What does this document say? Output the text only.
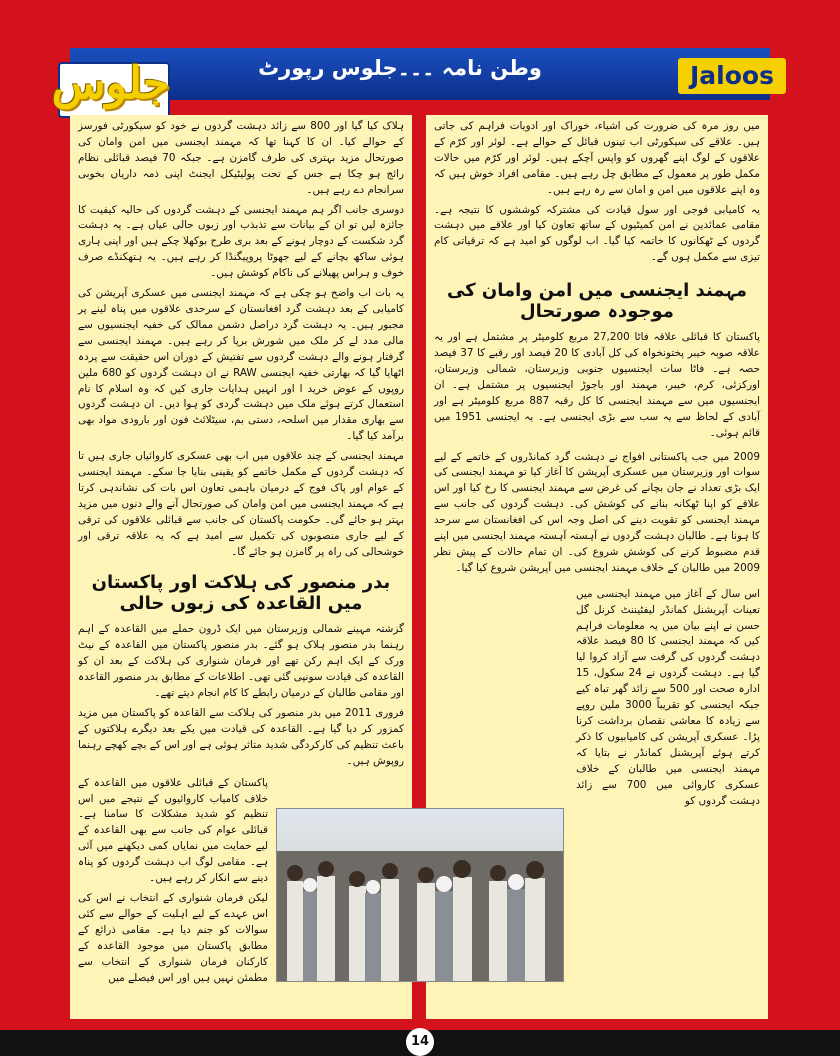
جلوس	وطن نامہ ۔۔۔جلوس رپورٹ	Jaloos

میں روز مرہ کی ضرورت کی اشیاء، خوراک اور ادویات فراہم کی جاتی ہیں۔ علاقے کی سیکورٹی اب تینوں قبائل کے حوالے ہے۔ لوئر اور کرّم کے علاقوں کے لوگ اپنے گھروں کو واپس آچکے ہیں۔ لوئر اور کرّم میں حالات مکمل طور پر معمول کے مطابق چل رہے ہیں۔ مقامی افراد خوش ہیں کہ وہ اپنے علاقوں میں امن و امان سے رہ رہے ہیں۔

یہ کامیابی فوجی اور سول قیادت کی مشترکہ کوششوں کا نتیجہ ہے۔ مقامی عمائدین نے امن کمیٹیوں کے ساتھ تعاون کیا اور علاقے میں دہشت گردوں کے ٹھکانوں کا خاتمہ کیا گیا۔ اب لوگوں کو امید ہے کہ ترقیاتی کام تیزی سے مکمل ہوں گے۔

مہمند ایجنسی میں امن وامان کی موجودہ صورتحال

پاکستان کا قبائلی علاقہ فاٹا 27,200 مربع کلومیٹر پر مشتمل ہے اور یہ علاقہ صوبہ خیبر پختونخواہ کی کل آبادی کا 20 فیصد اور رقبے کا 37 فیصد حصہ ہے۔ فاٹا سات ایجنسیوں جنوبی وزیرستان، شمالی وزیرستان، اورکزئی، کرم، خیبر، مہمند اور باجوڑ ایجنسیوں پر مشتمل ہے۔ ان ایجنسیوں میں سے مہمند ایجنسی کا کل رقبہ 887 مربع کلومیٹر ہے اور آبادی کے لحاظ سے یہ سب سے بڑی ایجنسی ہے۔ یہ ایجنسی 1951 میں قائم ہوئی۔

2009 میں جب پاکستانی افواج نے دہشت گرد کمانڈروں کے خاتمے کے لیے سوات اور وزیرستان میں عسکری آپریشن کا آغاز کیا تو مہمند ایجنسی کی ایک بڑی تعداد نے جان بچانے کی غرض سے مہمند ایجنسی کا رخ کیا اور اس علاقے کو اپنا ٹھکانہ بنانے کی کوشش کی۔ دہشت گردوں کی جانب سے مہمند ایجنسی کو تقویت دینے کی اصل وجہ اس کی افغانستان سے سرحد کا ہونا ہے۔ طالبان دہشت گردوں نے آہستہ آہستہ مہمند ایجنسی میں اپنے قدم مضبوط کرنے کی کوشش شروع کی۔ ان تمام حالات کے پیش نظر 2009 میں طالبان کے خلاف مہمند ایجنسی میں آپریشن شروع کیا گیا۔

اس سال کے آغاز میں مہمند ایجنسی میں تعینات آپریشنل کمانڈر لیفٹیننٹ کرنل گل حسن نے اپنے بیان میں یہ معلومات فراہم کیں کہ مہمند ایجنسی کا 80 فیصد علاقہ دہشت گردوں کی گرفت سے آزاد کروا لیا گیا ہے۔ دہشت گردوں نے 24 سکول، 15 ادارہ صحت اور 500 سے زائد گھر تباہ کیے جبکہ ایجنسی کو تقریباً 3000 ملین روپے سے زیادہ کا معاشی نقصان برداشت کرنا پڑا۔ عسکری آپریشن کی کامیابیوں کا ذکر کرتے ہوئے آپریشنل کمانڈر نے بتایا کہ مہمند ایجنسی میں طالبان کے خلاف عسکری کاروائی میں 700 سے زائد دہشت گردوں کو

ہلاک کیا گیا اور 800 سے زائد دہشت گردوں نے خود کو سیکورٹی فورسز کے حوالے کیا۔ ان کا کہنا تھا کہ مہمند ایجنسی میں امن وامان کی صورتحال مزید بہتری کی طرف گامزن ہے۔ جبکہ 70 فیصد قبائلی نظام رائج ہو چکا ہے جس کے تحت پولیٹیکل ایجنٹ اپنی ذمہ داریاں بخوبی سرانجام دے رہے ہیں۔

دوسری جانب اگر ہم مہمند ایجنسی کے دہشت گردوں کی حالیہ کیفیت کا جائزہ لیں تو ان کے بیانات سے تذبذب اور زبوں حالی عیاں ہے۔ یہ دہشت گرد شکست کے دوچار ہونے کے بعد بری طرح بوکھلا چکے ہیں اور اپنی ہاری ہوئی ساکھ بچانے کے لیے جھوٹا پروپیگنڈا کر رہے ہیں۔ یہ ہتھکنڈے صرف خوف و ہراس پھیلانے کی ناکام کوشش ہیں۔

یہ بات اب واضح ہو چکی ہے کہ مہمند ایجنسی میں عسکری آپریشن کی کامیابی کے بعد دہشت گرد افغانستان کے سرحدی علاقوں میں پناہ لینے پر مجبور ہیں۔ یہ دہشت گرد دراصل دشمن ممالک کی خفیہ ایجنسیوں سے مالی مدد لے کر ملک میں شورش برپا کر رہے ہیں۔ مہمند ایجنسی سے گرفتار ہونے والے دہشت گردوں سے تفتیش کے دوران اس حقیقت سے پردہ اٹھایا گیا کہ بھارتی خفیہ ایجنسی RAW نے ان دہشت گردوں کو 680 ملین روپوں کے عوض خرید ا اور انہیں ہدایات جاری کیں کہ وہ اسلام کا نام استعمال کرتے ہوئے ملک میں دہشت گردی کو ہوا دیں۔ ان دہشت گردوں سے بھاری مقدار میں اسلحہ، دستی بم، سیٹلائٹ فون اور بارودی مواد بھی برآمد کیا گیا۔

مہمند ایجنسی کے چند علاقوں میں اب بھی عسکری کاروائیاں جاری ہیں تا کہ دہشت گردوں کے مکمل خاتمے کو یقینی بنایا جا سکے۔ مہمند ایجنسی کے عوام اور پاک فوج کے درمیان باہمی تعاون اس بات کی نشاندہی کرتا ہے کہ مہمند ایجنسی میں امن وامان کی صورتحال آنے والے دنوں میں مزید بہتر ہو جائے گی۔ حکومت پاکستان کی جانب سے قبائلی علاقوں کی ترقی کے لیے جاری منصوبوں کی تکمیل سے امید ہے کہ یہ علاقہ ترقی اور خوشحالی کی راہ پر گامزن ہو جائے گا۔

بدر منصور کی ہلاکت اور پاکستان میں القاعدہ کی زبوں حالی

گزشتہ مہینے شمالی وزیرستان میں ایک ڈرون حملے میں القاعدہ کے اہم رہنما بدر منصور ہلاک ہو گئے۔ بدر منصور پاکستان میں القاعدہ کے نیٹ ورک کے ایک اہم رکن تھے اور فرمان شنواری کی ہلاکت کے بعد ان کو القاعدہ کی قیادت سونپی گئی تھی۔ اطلاعات کے مطابق بدر منصور القاعدہ اور مقامی طالبان کے درمیان رابطے کا کام انجام دیتے تھے۔

فروری 2011 میں بدر منصور کی ہلاکت سے القاعدہ کو پاکستان میں مزید کمزور کر دیا گیا ہے۔ القاعدہ کی قیادت میں یکے بعد دیگرے ہلاکتوں کے باعث تنظیم کی کارکردگی شدید متاثر ہوئی ہے اور اس کے بچے کھچے رہنما روپوش ہیں۔

پاکستان کے قبائلی علاقوں میں القاعدہ کے خلاف کامیاب کاروائیوں کے نتیجے میں اس تنظیم کو شدید مشکلات کا سامنا ہے۔ قبائلی عوام کی جانب سے بھی القاعدہ کے لیے حمایت میں نمایاں کمی دیکھنے میں آئی ہے۔ مقامی لوگ اب دہشت گردوں کو پناہ دینے سے انکار کر رہے ہیں۔

لیکن فرمان شنواری کے انتخاب نے اس کی اس عہدے کے لیے اہلیت کے حوالے سے کئی سوالات کو جنم دیا ہے۔ مقامی ذرائع کے مطابق پاکستان میں موجود القاعدہ کے کارکنان فرمان شنواری کے انتخاب سے مطمئن نہیں ہیں اور اس فیصلے میں

14
